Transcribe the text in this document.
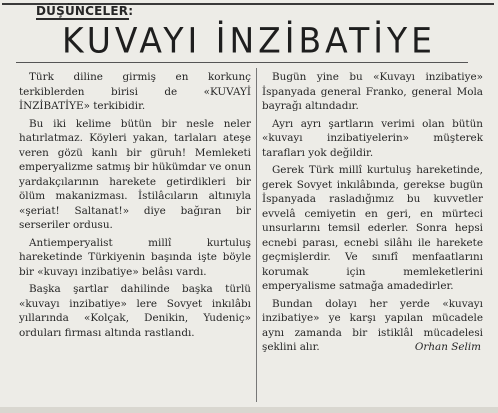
DÜŞÜNCELER:
KUVAYI İNZİBATİYE

Türk diline girmiş en korkunç terkiblerden birisi de «KUVAYİ İNZİBATİYE» terkibidir.

Bu iki kelime bütün bir nesle neler hatırlatmaz. Köyleri yakan, tarlaları ateşe veren gözü kanlı bir güruh! Memleketi emperyalizme satmış bir hükümdar ve onun yardakçılarının harekete getirdikleri bir ölüm makanizması. İstilâcıların altınıyla «şeriat! Saltanat!» diye bağıran bir serseriler ordusu.

Antiemperyalist millî kurtuluş hareketinde Türkiyenin başında işte böyle bir «kuvayı inzibatiye» belâsı vardı.

Başka şartlar dahilinde başka türlü «kuvayı inzibatiye» lere Sovyet inkılâbı yıllarında «Kolçak, Denikin, Yudeniç» orduları firması altında rastlandı.

Bugün yine bu «Kuvayı inzibatiye» İspanyada general Franko, general Mola bayrağı altındadır.

Ayrı ayrı şartların verimi olan bütün «kuvayı inzibatiyelerin» müşterek tarafları yok değildir.

Gerek Türk millî kurtuluş hareketinde, gerek Sovyet inkılâbında, gerekse bugün İspanyada rasladığımız bu kuvvetler evvelâ cemiyetin en geri, en mürteci unsurlarını temsil ederler. Sonra hepsi ecnebi parası, ecnebi silâhı ile harekete geçmişlerdir. Ve sınıfî menfaatlarını korumak için memleketlerini emperyalisme satmağa amadedirler.

Bundan dolayı her yerde «kuvayı inzibatiye» ye karşı yapılan mücadele aynı zamanda bir istiklâl mücadelesi şeklini alır.	Orhan Selim
